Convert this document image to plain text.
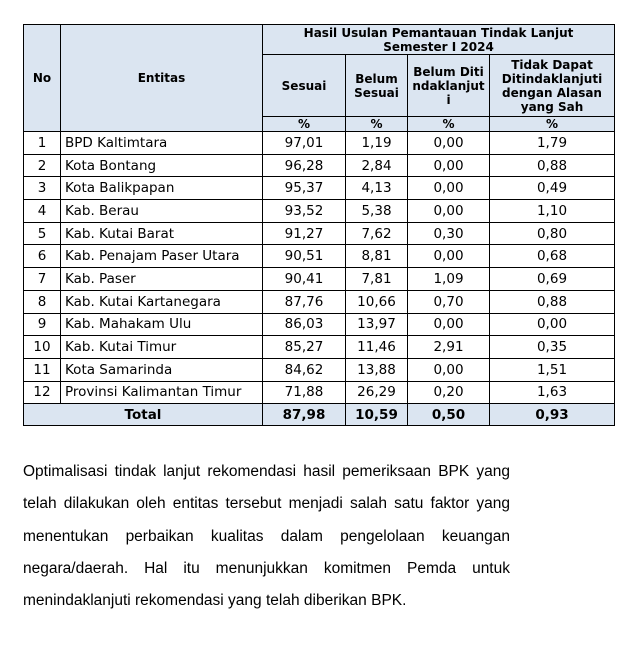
No	Entitas	Hasil Usulan Pemantauan Tindak Lanjut Semester I 2024			
		Sesuai	Belum Sesuai	Belum Ditindaklanjuti	Tidak Dapat Ditindaklanjuti dengan Alasan yang Sah
		%	%	%	%
1	BPD Kaltimtara	97,01	1,19	0,00	1,79
2	Kota Bontang	96,28	2,84	0,00	0,88
3	Kota Balikpapan	95,37	4,13	0,00	0,49
4	Kab. Berau	93,52	5,38	0,00	1,10
5	Kab. Kutai Barat	91,27	7,62	0,30	0,80
6	Kab. Penajam Paser Utara	90,51	8,81	0,00	0,68
7	Kab. Paser	90,41	7,81	1,09	0,69
8	Kab. Kutai Kartanegara	87,76	10,66	0,70	0,88
9	Kab. Mahakam Ulu	86,03	13,97	0,00	0,00
10	Kab. Kutai Timur	85,27	11,46	2,91	0,35
11	Kota Samarinda	84,62	13,88	0,00	1,51
12	Provinsi Kalimantan Timur	71,88	26,29	0,20	1,63
Total		87,98	10,59	0,50	0,93

Optimalisasi tindak lanjut rekomendasi hasil pemeriksaan BPK yang telah dilakukan oleh entitas tersebut menjadi salah satu faktor yang menentukan perbaikan kualitas dalam pengelolaan keuangan negara/daerah. Hal itu menunjukkan komitmen Pemda untuk menindaklanjuti rekomendasi yang telah diberikan BPK.
